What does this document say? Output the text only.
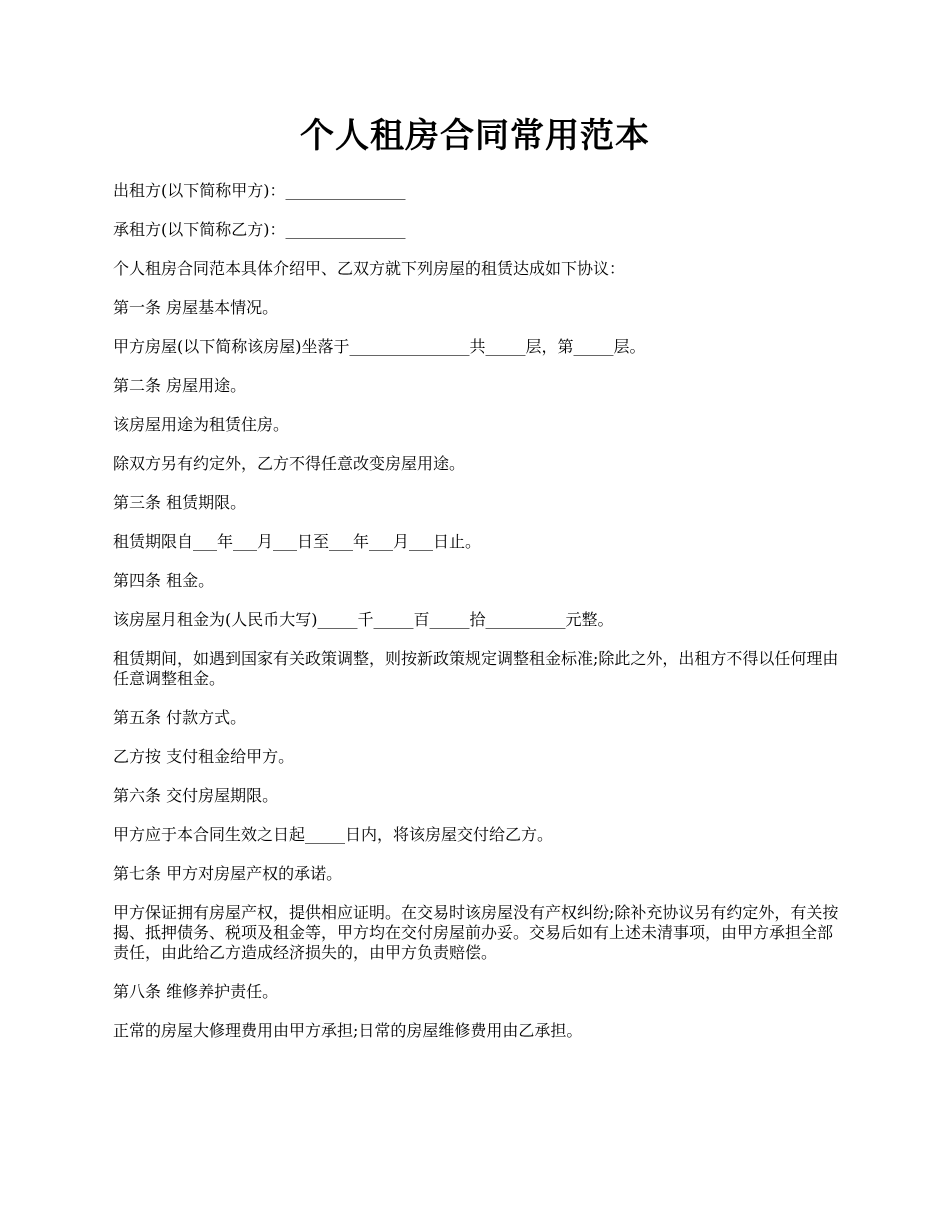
个人租房合同常用范本

出租方(以下简称甲方)：_______________

承租方(以下简称乙方)：_______________

个人租房合同范本具体介绍甲、乙双方就下列房屋的租赁达成如下协议：

第一条 房屋基本情况。

甲方房屋(以下简称该房屋)坐落于_______________共_____层，第_____层。

第二条 房屋用途。

该房屋用途为租赁住房。

除双方另有约定外，乙方不得任意改变房屋用途。

第三条 租赁期限。

租赁期限自___年___月___日至___年___月___日止。

第四条 租金。

该房屋月租金为(人民币大写)_____千_____百_____拾__________元整。

租赁期间，如遇到国家有关政策调整，则按新政策规定调整租金标准;除此之外，出租方不得以任何理由任意调整租金。

第五条 付款方式。

乙方按 支付租金给甲方。

第六条 交付房屋期限。

甲方应于本合同生效之日起_____日内，将该房屋交付给乙方。

第七条 甲方对房屋产权的承诺。

甲方保证拥有房屋产权，提供相应证明。在交易时该房屋没有产权纠纷;除补充协议另有约定外，有关按揭、抵押债务、税项及租金等，甲方均在交付房屋前办妥。交易后如有上述未清事项，由甲方承担全部责任，由此给乙方造成经济损失的，由甲方负责赔偿。

第八条 维修养护责任。

正常的房屋大修理费用由甲方承担;日常的房屋维修费用由乙承担。
